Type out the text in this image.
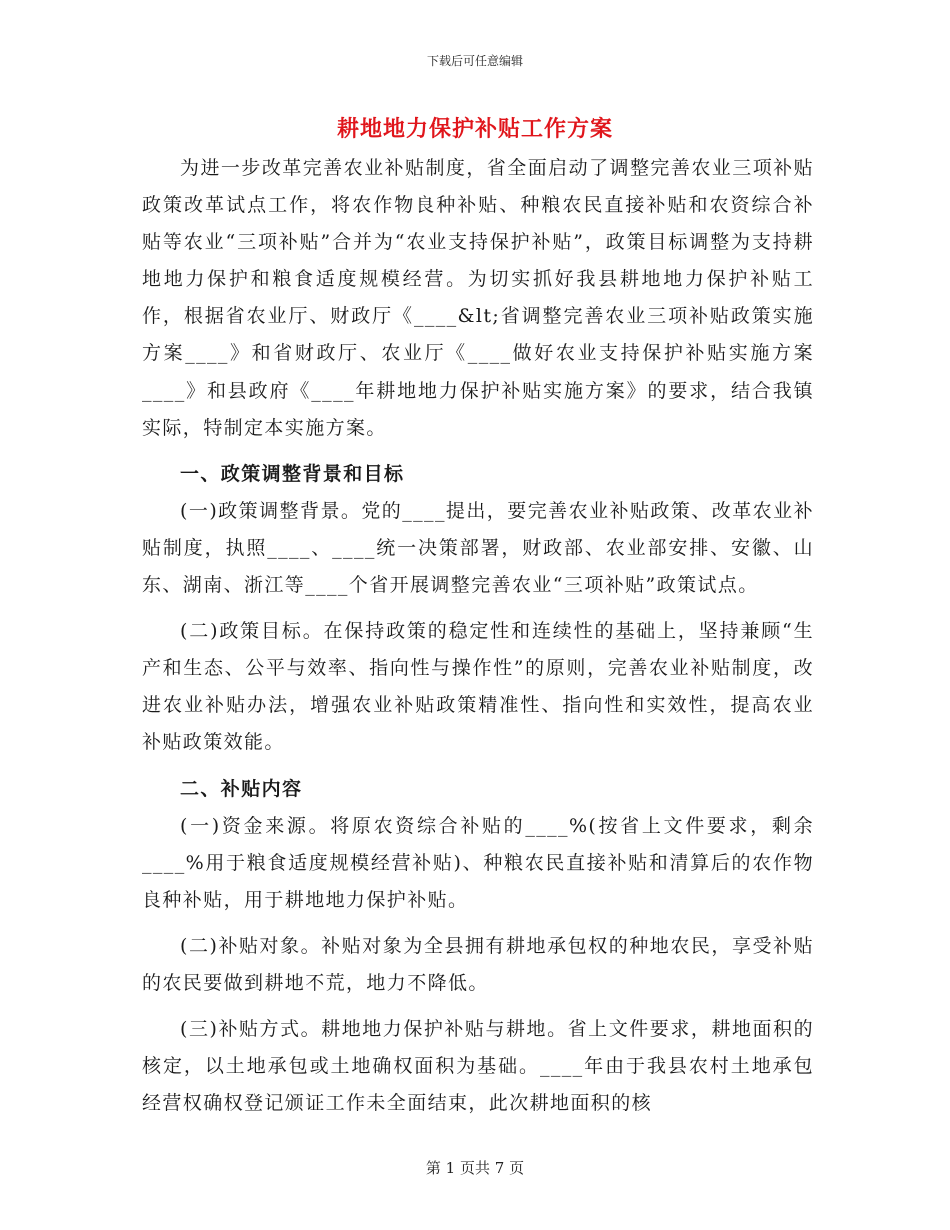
下载后可任意编辑
耕地地力保护补贴工作方案

为进一步改革完善农业补贴制度，省全面启动了调整完善农业三项补贴政策改革试点工作，将农作物良种补贴、种粮农民直接补贴和农资综合补贴等农业“三项补贴”合并为“农业支持保护补贴”，政策目标调整为支持耕地地力保护和粮食适度规模经营。为切实抓好我县耕地地力保护补贴工作，根据省农业厅、财政厅《____&lt;省调整完善农业三项补贴政策实施方案____》和省财政厅、农业厅《____做好农业支持保护补贴实施方案____》和县政府《____年耕地地力保护补贴实施方案》的要求，结合我镇实际，特制定本实施方案。

一、政策调整背景和目标

(一)政策调整背景。党的____提出，要完善农业补贴政策、改革农业补贴制度，执照____、____统一决策部署，财政部、农业部安排、安徽、山东、湖南、浙江等____个省开展调整完善农业“三项补贴”政策试点。

(二)政策目标。在保持政策的稳定性和连续性的基础上，坚持兼顾“生产和生态、公平与效率、指向性与操作性”的原则，完善农业补贴制度，改进农业补贴办法，增强农业补贴政策精准性、指向性和实效性，提高农业补贴政策效能。

二、补贴内容

(一)资金来源。将原农资综合补贴的____%(按省上文件要求，剩余____%用于粮食适度规模经营补贴)、种粮农民直接补贴和清算后的农作物良种补贴，用于耕地地力保护补贴。

(二)补贴对象。补贴对象为全县拥有耕地承包权的种地农民，享受补贴的农民要做到耕地不荒，地力不降低。

(三)补贴方式。耕地地力保护补贴与耕地。省上文件要求，耕地面积的核定，以土地承包或土地确权面积为基础。____年由于我县农村土地承包经营权确权登记颁证工作未全面结束，此次耕地面积的核

第 1 页共 7 页
